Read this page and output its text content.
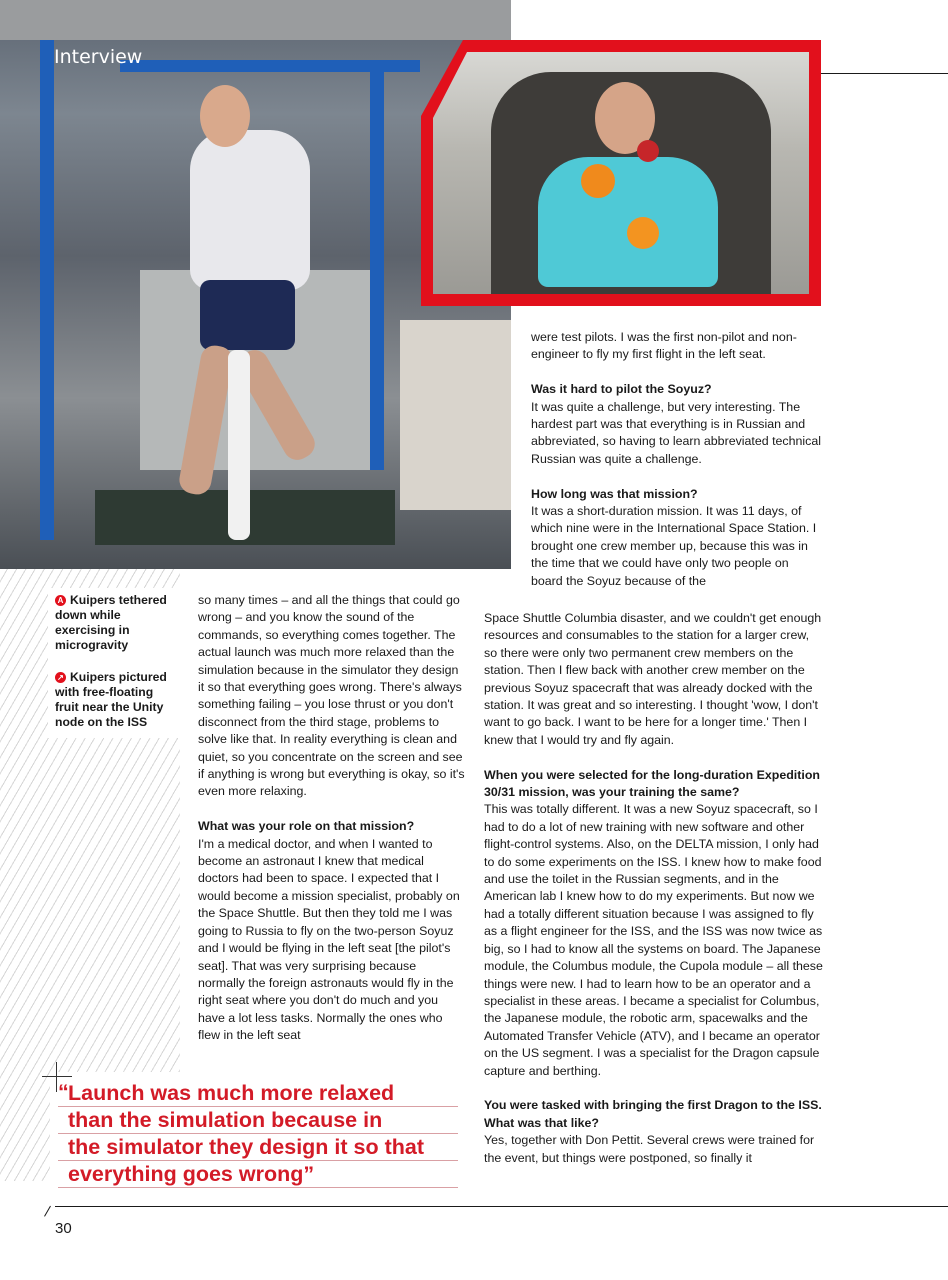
Interview

were test pilots. I was the first non-pilot and non-engineer to fly my first flight in the left seat.

Was it hard to pilot the Soyuz?
It was quite a challenge, but very interesting. The hardest part was that everything is in Russian and abbreviated, so having to learn abbreviated technical Russian was quite a challenge.

How long was that mission?
It was a short-duration mission. It was 11 days, of which nine were in the International Space Station. I brought one crew member up, because this was in the time that we could have only two people on board the Soyuz because of the

A Kuipers tethered down while exercising in microgravity
↗ Kuipers pictured with free-floating fruit near the Unity node on the ISS

so many times – and all the things that could go wrong – and you know the sound of the commands, so everything comes together. The actual launch was much more relaxed than the simulation because in the simulator they design it so that everything goes wrong. There's always something failing – you lose thrust or you don't disconnect from the third stage, problems to solve like that. In reality everything is clean and quiet, so you concentrate on the screen and see if anything is wrong but everything is okay, so it's even more relaxing.

What was your role on that mission?
I'm a medical doctor, and when I wanted to become an astronaut I knew that medical doctors had been to space. I expected that I would become a mission specialist, probably on the Space Shuttle. But then they told me I was going to Russia to fly on the two-person Soyuz and I would be flying in the left seat [the pilot's seat]. That was very surprising because normally the foreign astronauts would fly in the right seat where you don't do much and you have a lot less tasks. Normally the ones who flew in the left seat

Space Shuttle Columbia disaster, and we couldn't get enough resources and consumables to the station for a larger crew, so there were only two permanent crew members on the station. Then I flew back with another crew member on the previous Soyuz spacecraft that was already docked with the station. It was great and so interesting. I thought 'wow, I don't want to go back. I want to be here for a longer time.' Then I knew that I would try and fly again.

When you were selected for the long-duration Expedition 30/31 mission, was your training the same?
This was totally different. It was a new Soyuz spacecraft, so I had to do a lot of new training with new software and other flight-control systems. Also, on the DELTA mission, I only had to do some experiments on the ISS. I knew how to make food and use the toilet in the Russian segments, and in the American lab I knew how to do my experiments. But now we had a totally different situation because I was assigned to fly as a flight engineer for the ISS, and the ISS was now twice as big, so I had to know all the systems on board. The Japanese module, the Columbus module, the Cupola module – all these things were new. I had to learn how to be an operator and a specialist in these areas. I became a specialist for Columbus, the Japanese module, the robotic arm, spacewalks and the Automated Transfer Vehicle (ATV), and I became an operator on the US segment. I was a specialist for the Dragon capsule capture and berthing.

You were tasked with bringing the first Dragon to the ISS. What was that like?
Yes, together with Don Pettit. Several crews were trained for the event, but things were postponed, so finally it

“ Launch was much more relaxed
than the simulation because in
the simulator they design it so that
everything goes wrong”
30
